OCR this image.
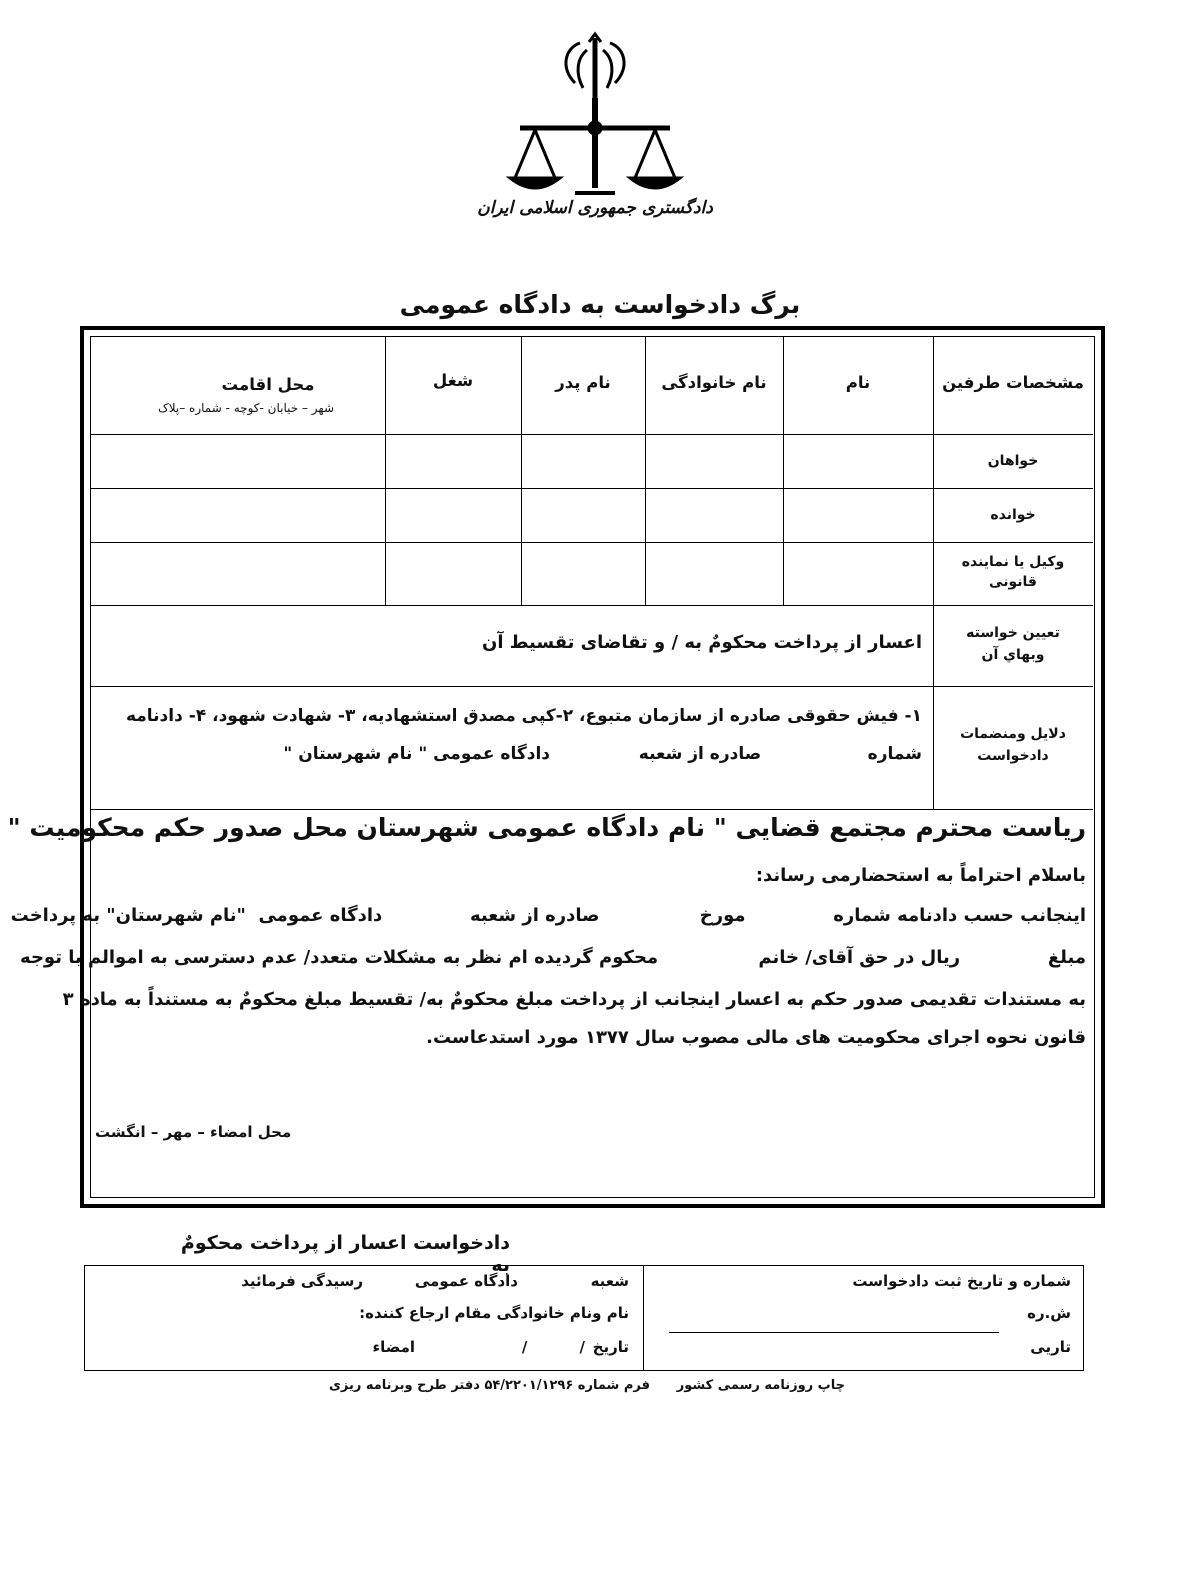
دادگستری جمهوری اسلامی ایران
برگ دادخواست به دادگاه عمومی
مشخصات طرفین
نام
نام خانوادگی
نام پدر
شغل
محل اقامت
شهر – خیابان -کوچه - شماره –پلاک
خواهان
خوانده
وکیل یا نماینده
قانونی
تعیین خواسته
وبهاي آن
اعسار از پرداخت محکومٌ به / و تقاضای تقسیط آن
دلایل ومنضمات
دادخواست
۱- فیش حقوقی صادره از سازمان متبوع، ۲-کپی مصدق استشهادیه، ۳- شهادت شهود، ۴- دادنامه
شماره                  صادره از شعبه               دادگاه عمومی " نام شهرستان "
ریاست محترم مجتمع قضایی " نام دادگاه عمومی شهرستان محل صدور حکم محکومیت "
باسلام احتراماً به استحضارمی رساند:
اینجانب حسب دادنامه شماره              مورخ                صادره از شعبه              دادگاه عمومی  "نام شهرستان" به پرداخت
مبلغ              ریال در حق آقای/ خانم                محکوم گردیده ام نظر به مشکلات متعدد/ عدم دسترسی به اموالم با توجه
به مستندات تقدیمی صدور حکم به اعسار اینجانب از پرداخت مبلغ محکومٌ به/ تقسیط مبلغ محکومٌ به مستنداً به ماده ۳
قانون نحوه اجرای محکومیت های مالی مصوب سال ۱۳۷۷ مورد استدعاست.
محل امضاء – مهر – انگشت
دادخواست اعسار از پرداخت محکومٌ به
شماره و تاریخ ثبت دادخواست
ش.ره
تاریی
شعبه
دادگاه عمومی
رسیدگی فرمائید
نام ونام خانوادگی مقام ارجاع کننده:
تاریخ
/          /
امضاء
چاپ روزنامه رسمی کشور
فرم شماره ۵۴/۲۲۰۱/۱۲۹۶ دفتر طرح وبرنامه ریزی
